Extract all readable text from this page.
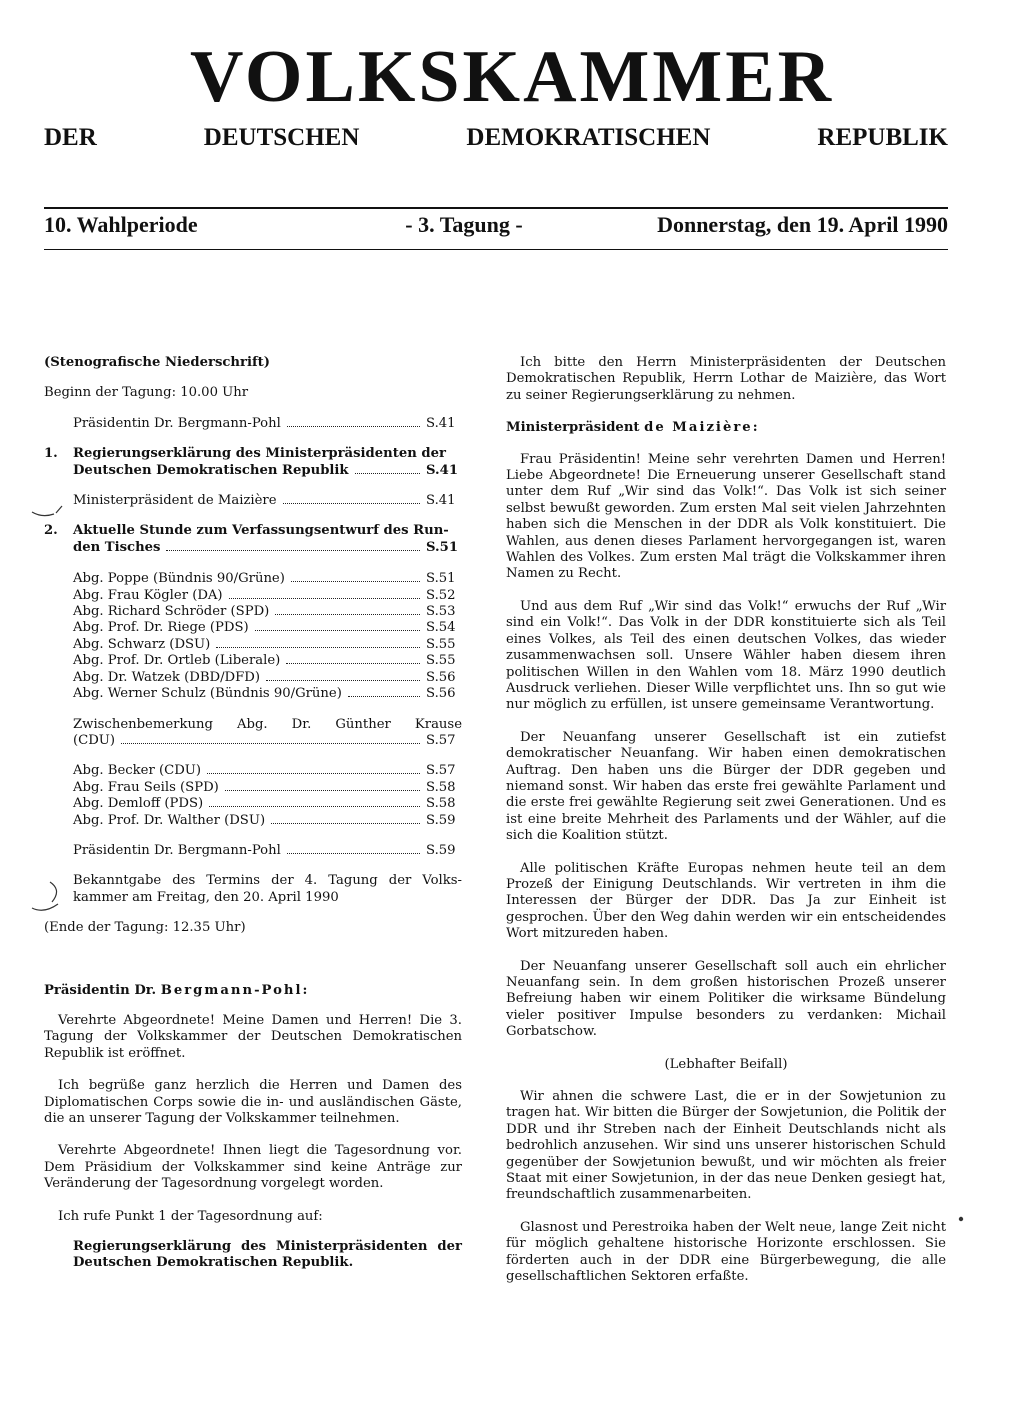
VOLKSKAMMER
DER	DEUTSCHEN	DEMOKRATISCHEN	REPUBLIK
10. Wahlperiode	- 3. Tagung -	Donnerstag, den 19. April 1990
(Stenografische Niederschrift)
Beginn der Tagung: 10.00 Uhr
Präsidentin Dr. Bergmann-Pohl	S.41
1.	Regierungserklärung des Ministerpräsidenten der
Deutschen Demokratischen Republik	S.41
Ministerpräsident de Maizière	S.41
2.	Aktuelle Stunde zum Verfassungsentwurf des Run-
den Tisches	S.51
Abg. Poppe (Bündnis 90/Grüne)	S.51
Abg. Frau Kögler (DA)	S.52
Abg. Richard Schröder (SPD)	S.53
Abg. Prof. Dr. Riege (PDS)	S.54
Abg. Schwarz (DSU)	S.55
Abg. Prof. Dr. Ortleb (Liberale)	S.55
Abg. Dr. Watzek (DBD/DFD)	S.56
Abg. Werner Schulz (Bündnis 90/Grüne)	S.56
Zwischenbemerkung Abg. Dr. Günther Krause
(CDU)	S.57
Abg. Becker (CDU)	S.57
Abg. Frau Seils (SPD)	S.58
Abg. Demloff (PDS)	S.58
Abg. Prof. Dr. Walther (DSU)	S.59
Präsidentin Dr. Bergmann-Pohl	S.59
Bekanntgabe des Termins der 4. Tagung der Volks-
kammer am Freitag, den 20. April 1990
(Ende der Tagung: 12.35 Uhr)
Präsidentin Dr. Bergmann-Pohl:

Verehrte Abgeordnete! Meine Damen und Herren! Die 3. Tagung der Volkskammer der Deutschen Demokratischen Republik ist eröffnet.

Ich begrüße ganz herzlich die Herren und Damen des Diplomatischen Corps sowie die in- und ausländischen Gäste, die an unserer Tagung der Volkskammer teilnehmen.

Verehrte Abgeordnete! Ihnen liegt die Tagesordnung vor. Dem Präsidium der Volkskammer sind keine Anträge zur Veränderung der Tagesordnung vorgelegt worden.

Ich rufe Punkt 1 der Tagesordnung auf:

Regierungserklärung des Ministerpräsidenten der Deutschen Demokratischen Republik.

Ich bitte den Herrn Ministerpräsidenten der Deutschen Demokratischen Republik, Herrn Lothar de Maizière, das Wort zu seiner Regierungserklärung zu nehmen.

Ministerpräsident de Maizière:

Frau Präsidentin! Meine sehr verehrten Damen und Herren! Liebe Abgeordnete! Die Erneuerung unserer Gesellschaft stand unter dem Ruf „Wir sind das Volk!“. Das Volk ist sich seiner selbst bewußt geworden. Zum ersten Mal seit vielen Jahrzehnten haben sich die Menschen in der DDR als Volk konstituiert. Die Wahlen, aus denen dieses Parlament hervorgegangen ist, waren Wahlen des Volkes. Zum ersten Mal trägt die Volkskammer ihren Namen zu Recht.

Und aus dem Ruf „Wir sind das Volk!“ erwuchs der Ruf „Wir sind ein Volk!“. Das Volk in der DDR konstituierte sich als Teil eines Volkes, als Teil des einen deutschen Volkes, das wieder zusammenwachsen soll. Unsere Wähler haben diesem ihren politischen Willen in den Wahlen vom 18. März 1990 deutlich Ausdruck verliehen. Dieser Wille verpflichtet uns. Ihn so gut wie nur möglich zu erfüllen, ist unsere gemeinsame Verantwortung.

Der Neuanfang unserer Gesellschaft ist ein zutiefst demokratischer Neuanfang. Wir haben einen demokratischen Auftrag. Den haben uns die Bürger der DDR gegeben und niemand sonst. Wir haben das erste frei gewählte Parlament und die erste frei gewählte Regierung seit zwei Generationen. Und es ist eine breite Mehrheit des Parlaments und der Wähler, auf die sich die Koalition stützt.

Alle politischen Kräfte Europas nehmen heute teil an dem Prozeß der Einigung Deutschlands. Wir vertreten in ihm die Interessen der Bürger der DDR. Das Ja zur Einheit ist gesprochen. Über den Weg dahin werden wir ein entscheidendes Wort mitzureden haben.

Der Neuanfang unserer Gesellschaft soll auch ein ehrlicher Neuanfang sein. In dem großen historischen Prozeß unserer Befreiung haben wir einem Politiker die wirksame Bündelung vieler positiver Impulse besonders zu verdanken: Michail Gorbatschow.

(Lebhafter Beifall)

Wir ahnen die schwere Last, die er in der Sowjetunion zu tragen hat. Wir bitten die Bürger der Sowjetunion, die Politik der DDR und ihr Streben nach der Einheit Deutschlands nicht als bedrohlich anzusehen. Wir sind uns unserer historischen Schuld gegenüber der Sowjetunion bewußt, und wir möchten als freier Staat mit einer Sowjetunion, in der das neue Denken gesiegt hat, freundschaftlich zusammenarbeiten.

Glasnost und Perestroika haben der Welt neue, lange Zeit nicht für möglich gehaltene historische Horizonte erschlossen. Sie förderten auch in der DDR eine Bürgerbewegung, die alle gesellschaftlichen Sektoren erfaßte.
